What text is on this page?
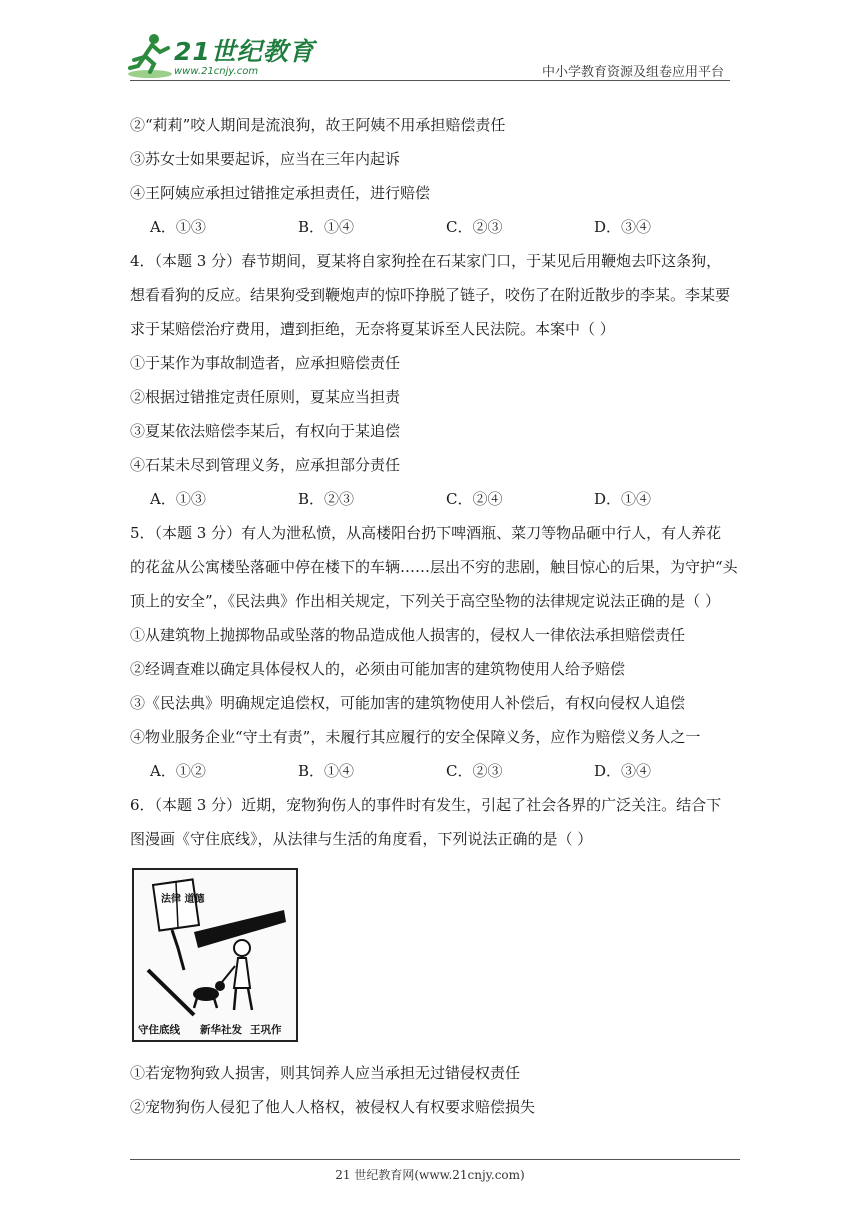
21世纪教育
www.21cnjy.com	中小学教育资源及组卷应用平台
②“莉莉”咬人期间是流浪狗，故王阿姨不用承担赔偿责任
③苏女士如果要起诉，应当在三年内起诉
④王阿姨应承担过错推定承担责任，进行赔偿
A．①③	B．①④	C．②③	D．③④
4．（本题 3 分）春节期间，夏某将自家狗拴在石某家门口，于某见后用鞭炮去吓这条狗，
想看看狗的反应。结果狗受到鞭炮声的惊吓挣脱了链子，咬伤了在附近散步的李某。李某要
求于某赔偿治疗费用，遭到拒绝，无奈将夏某诉至人民法院。本案中（ ）
①于某作为事故制造者，应承担赔偿责任
②根据过错推定责任原则，夏某应当担责
③夏某依法赔偿李某后，有权向于某追偿
④石某未尽到管理义务，应承担部分责任
A．①③	B．②③	C．②④	D．①④
5．（本题 3 分）有人为泄私愤，从高楼阳台扔下啤酒瓶、菜刀等物品砸中行人，有人养花
的花盆从公寓楼坠落砸中停在楼下的车辆……层出不穷的悲剧，触目惊心的后果，为守护“头
顶上的安全”，《民法典》作出相关规定，下列关于高空坠物的法律规定说法正确的是（ ）
①从建筑物上抛掷物品或坠落的物品造成他人损害的，侵权人一律依法承担赔偿责任
②经调查难以确定具体侵权人的，必须由可能加害的建筑物使用人给予赔偿
③《民法典》明确规定追偿权，可能加害的建筑物使用人补偿后，有权向侵权人追偿
④物业服务企业“守土有责”，未履行其应履行的安全保障义务，应作为赔偿义务人之一
A．①②	B．①④	C．②③	D．③④
6．（本题 3 分）近期，宠物狗伤人的事件时有发生，引起了社会各界的广泛关注。结合下
图漫画《守住底线》，从法律与生活的角度看，下列说法正确的是（ ）
法律 道德
守住底线 新华社发 王巩作
①若宠物狗致人损害，则其饲养人应当承担无过错侵权责任
②宠物狗伤人侵犯了他人人格权，被侵权人有权要求赔偿损失
21 世纪教育网(www.21cnjy.com)
